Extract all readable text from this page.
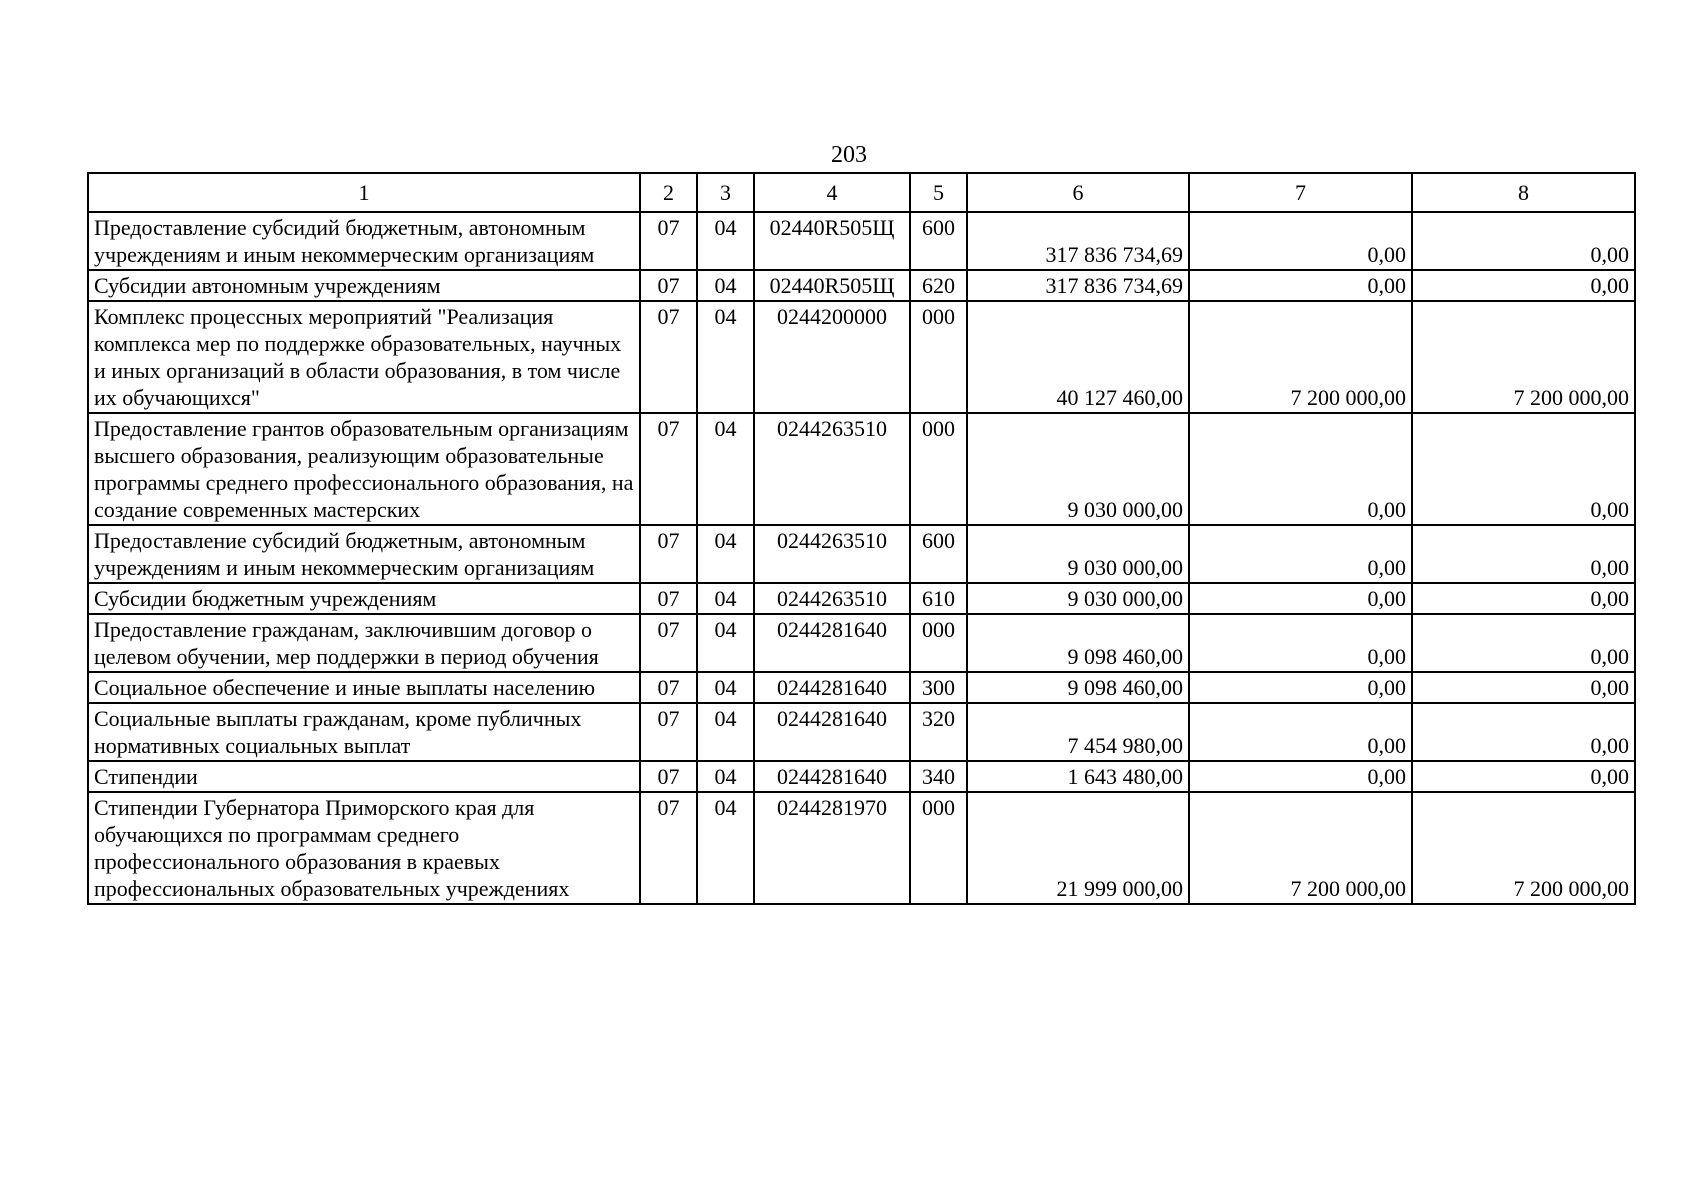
203
1	2	3	4	5	6	7	8
Предоставление субсидий бюджетным, автономным учреждениям и иным некоммерческим организациям	07	04	02440R505Щ	600	317 836 734,69	0,00	0,00
Субсидии автономным учреждениям	07	04	02440R505Щ	620	317 836 734,69	0,00	0,00
Комплекс процессных мероприятий "Реализация комплекса мер по поддержке образовательных, научных и иных организаций в области образования, в том числе их обучающихся"	07	04	0244200000	000	40 127 460,00	7 200 000,00	7 200 000,00
Предоставление грантов образовательным организациям высшего образования, реализующим образовательные программы среднего профессионального образования, на создание современных мастерских	07	04	0244263510	000	9 030 000,00	0,00	0,00
Предоставление субсидий бюджетным, автономным учреждениям и иным некоммерческим организациям	07	04	0244263510	600	9 030 000,00	0,00	0,00
Субсидии бюджетным учреждениям	07	04	0244263510	610	9 030 000,00	0,00	0,00
Предоставление гражданам, заключившим договор о целевом обучении, мер поддержки в период обучения	07	04	0244281640	000	9 098 460,00	0,00	0,00
Социальное обеспечение и иные выплаты населению	07	04	0244281640	300	9 098 460,00	0,00	0,00
Социальные выплаты гражданам, кроме публичных нормативных социальных выплат	07	04	0244281640	320	7 454 980,00	0,00	0,00
Стипендии	07	04	0244281640	340	1 643 480,00	0,00	0,00
Стипендии Губернатора Приморского края для обучающихся по программам среднего профессионального образования в краевых профессиональных образовательных учреждениях	07	04	0244281970	000	21 999 000,00	7 200 000,00	7 200 000,00
